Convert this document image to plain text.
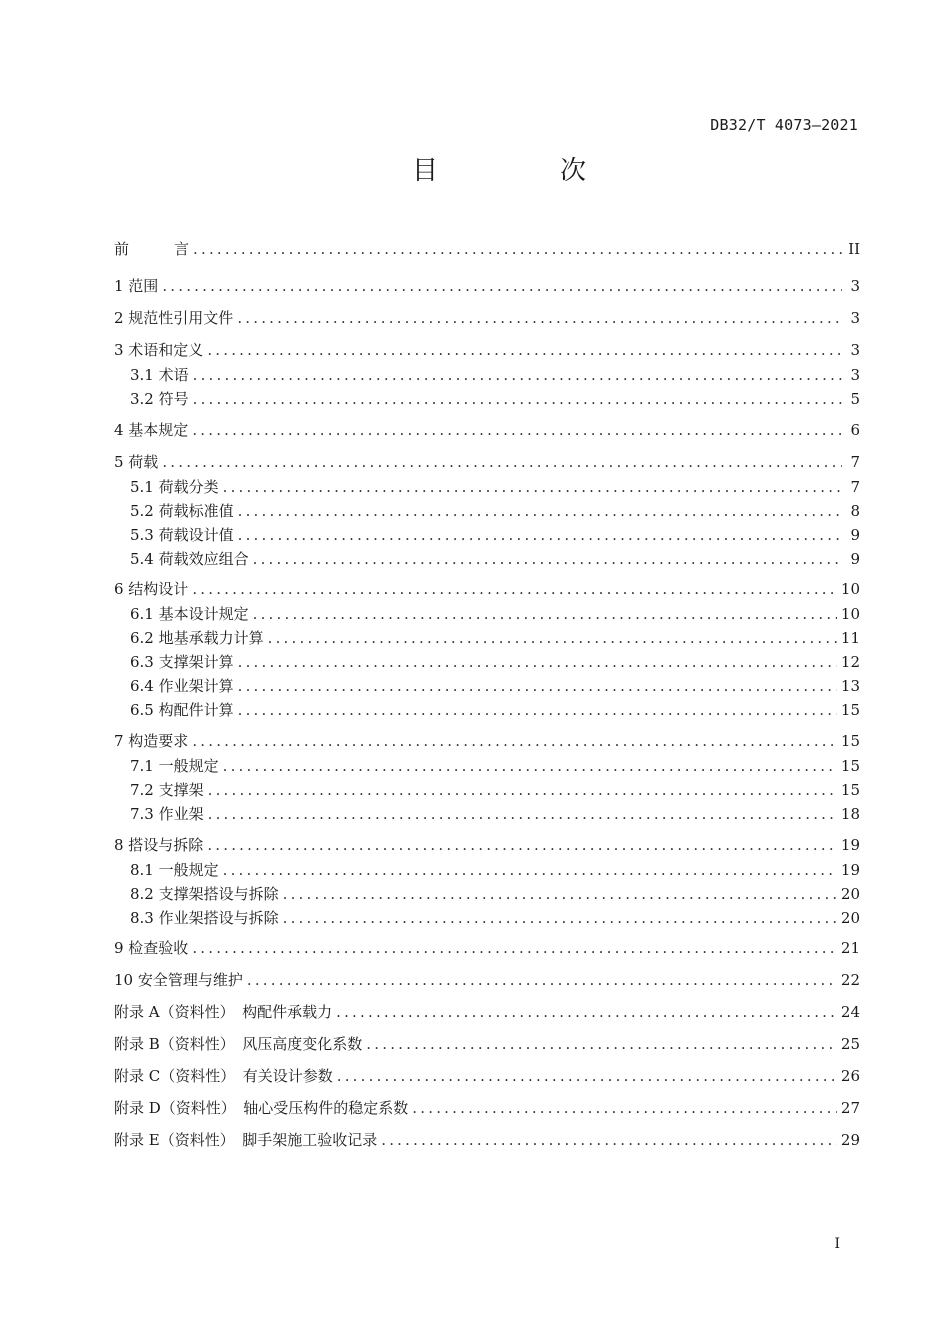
DB32/T 4073—2021
目　次
前　　　言 .....	II
1 范围 .....	3
2 规范性引用文件 .....	3
3 术语和定义 .....	3
3.1 术语 .....	3
3.2 符号 .....	5
4 基本规定 .....	6
5 荷载 .....	7
5.1 荷载分类 .....	7
5.2 荷载标准值 .....	8
5.3 荷载设计值 .....	9
5.4 荷载效应组合 .....	9
6 结构设计 .....	10
6.1 基本设计规定 .....	10
6.2 地基承载力计算 .....	11
6.3 支撑架计算 .....	12
6.4 作业架计算 .....	13
6.5 构配件计算 .....	15
7 构造要求 .....	15
7.1 一般规定 .....	15
7.2 支撑架 .....	15
7.3 作业架 .....	18
8 搭设与拆除 .....	19
8.1 一般规定 .....	19
8.2 支撑架搭设与拆除 .....	20
8.3 作业架搭设与拆除 .....	20
9 检查验收 .....	21
10 安全管理与维护 .....	22
附录 A（资料性）　构配件承载力 .....	24
附录 B（资料性）　风压高度变化系数 .....	25
附录 C（资料性）　有关设计参数 .....	26
附录 D（资料性）　轴心受压构件的稳定系数 .....	27
附录 E（资料性）　脚手架施工验收记录 .....	29
I
